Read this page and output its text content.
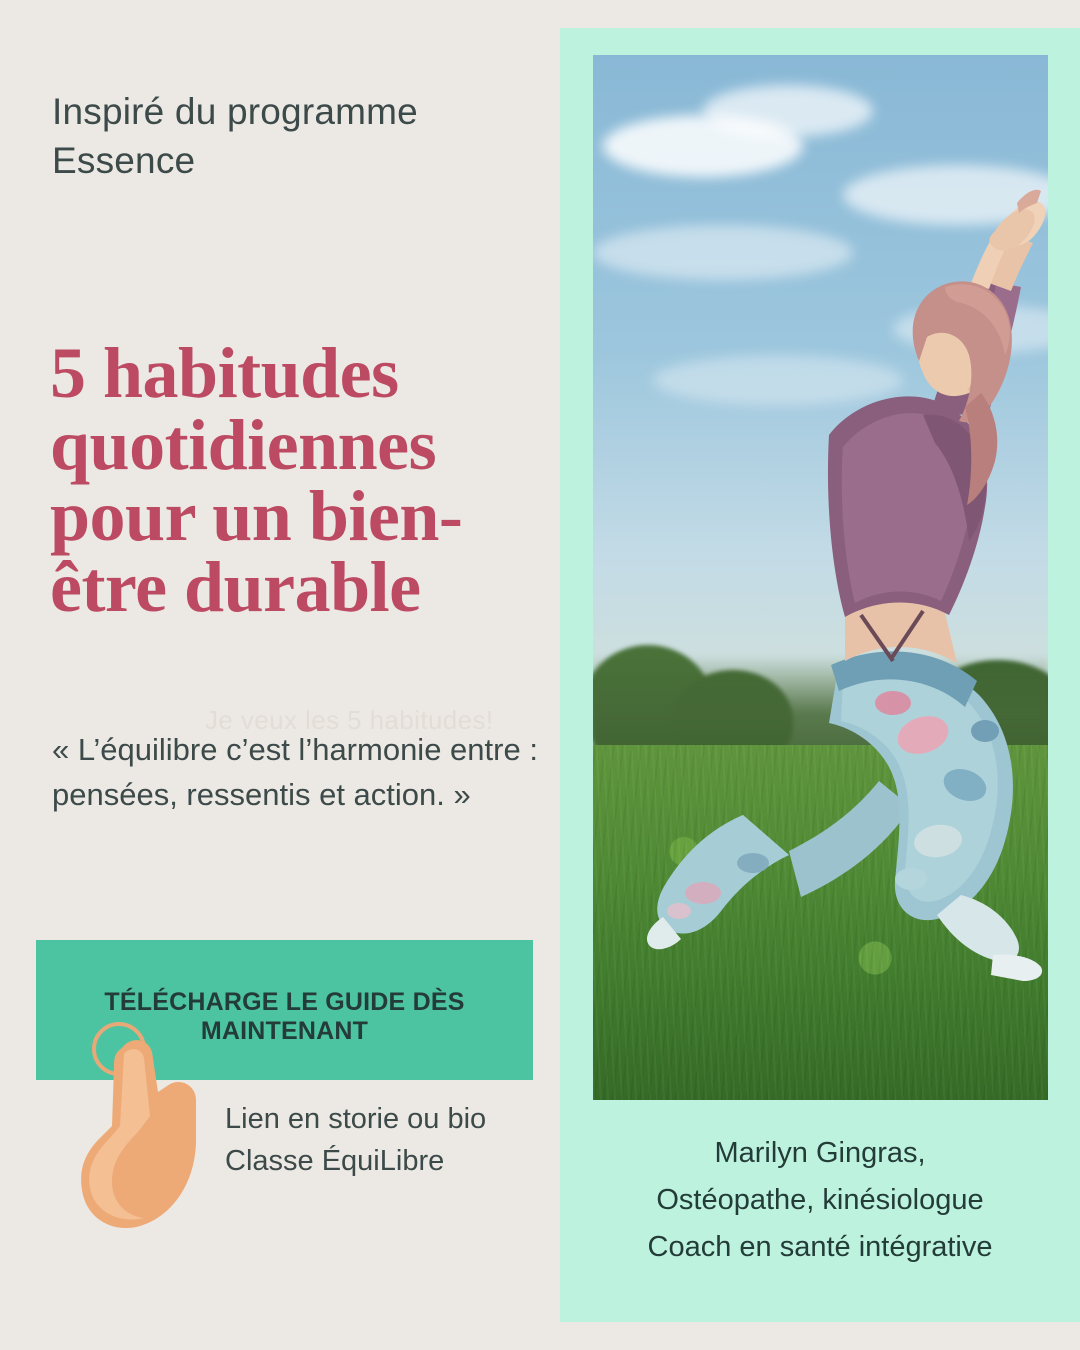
Inspiré du programme Essence
5 habitudes quotidiennes pour un bien-être durable
Je veux les 5 habitudes!
« L’équilibre c’est l’harmonie entre : pensées, ressentis et action. »
TÉLÉCHARGE LE GUIDE DÈS MAINTENANT
Lien en storie ou bio
Classe ÉquiLibre	Marilyn Gingras,
Ostéopathe, kinésiologue
Coach en santé intégrative
